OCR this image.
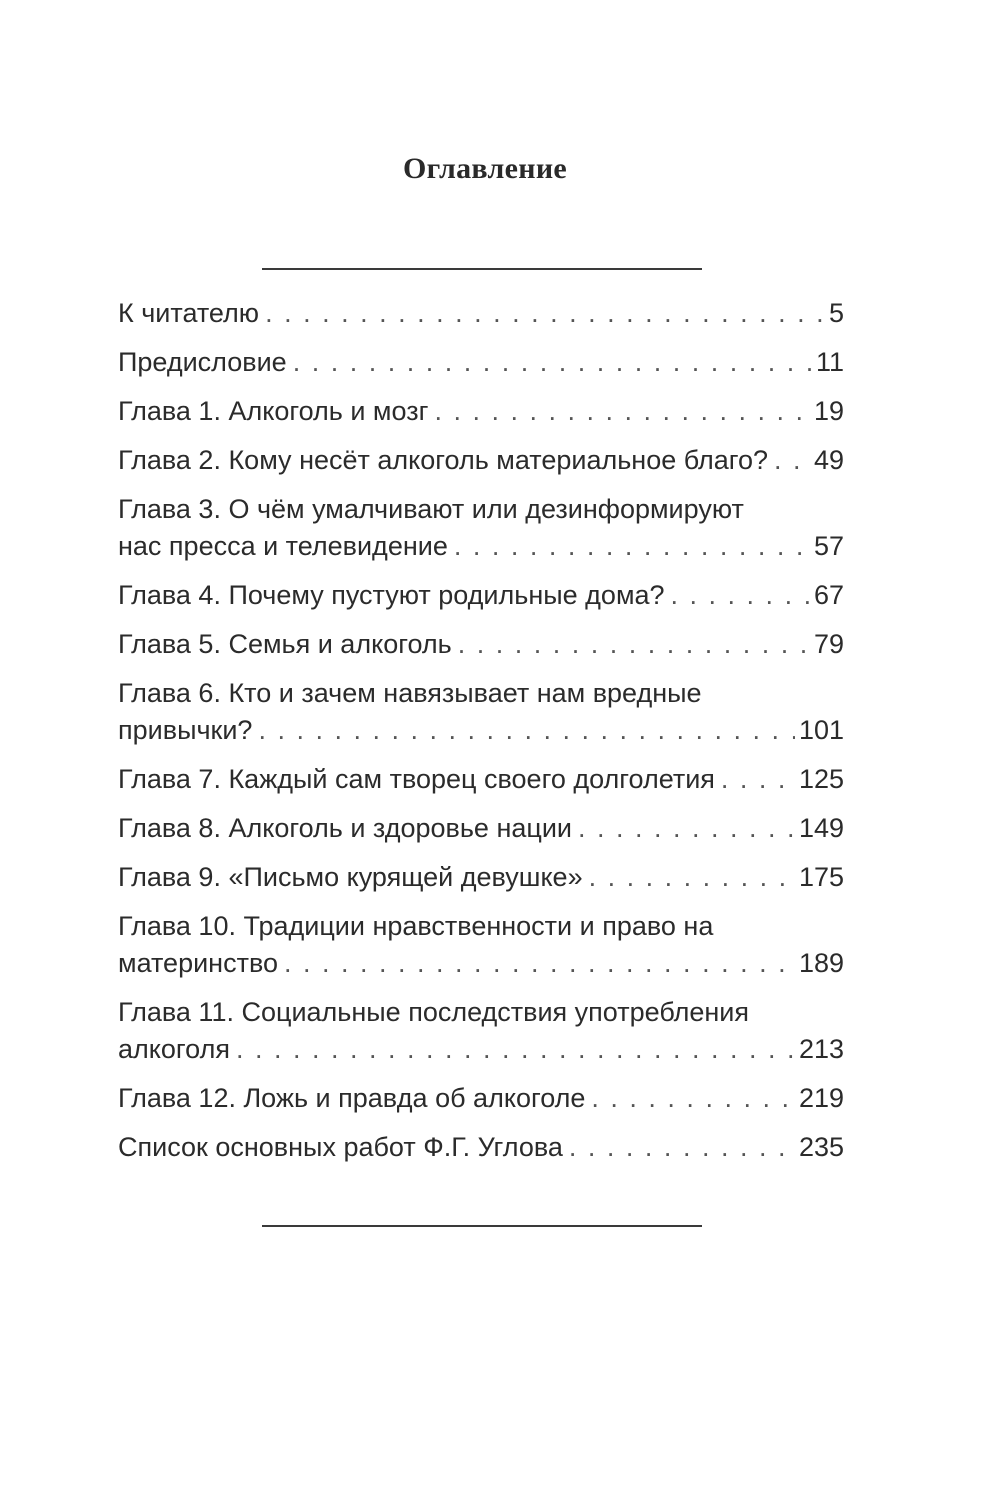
Оглавление
К читателю . . .	5
Предисловие . . .	11
Глава 1. Алкоголь и мозг . . .	19
Глава 2. Кому несёт алкоголь материальное благо? . . . 49
Глава 3. О чём умалчивают или дезинформируют
нас пресса и телевидение . . .	57
Глава 4. Почему пустуют родильные дома? . . .	67
Глава 5. Семья и алкоголь . . .	79
Глава 6. Кто и зачем навязывает нам вредные
привычки? . . .	101
Глава 7. Каждый сам творец своего долголетия . . .	125
Глава 8. Алкоголь и здоровье нации . . .	149
Глава 9. «Письмо курящей девушке» . . .	175
Глава 10. Традиции нравственности и право на
материнство . . .	189
Глава 11. Социальные последствия употребления
алкоголя . . .	213
Глава 12. Ложь и правда об алкоголе . . .	219
Список основных работ Ф.Г. Углова . . .	235
